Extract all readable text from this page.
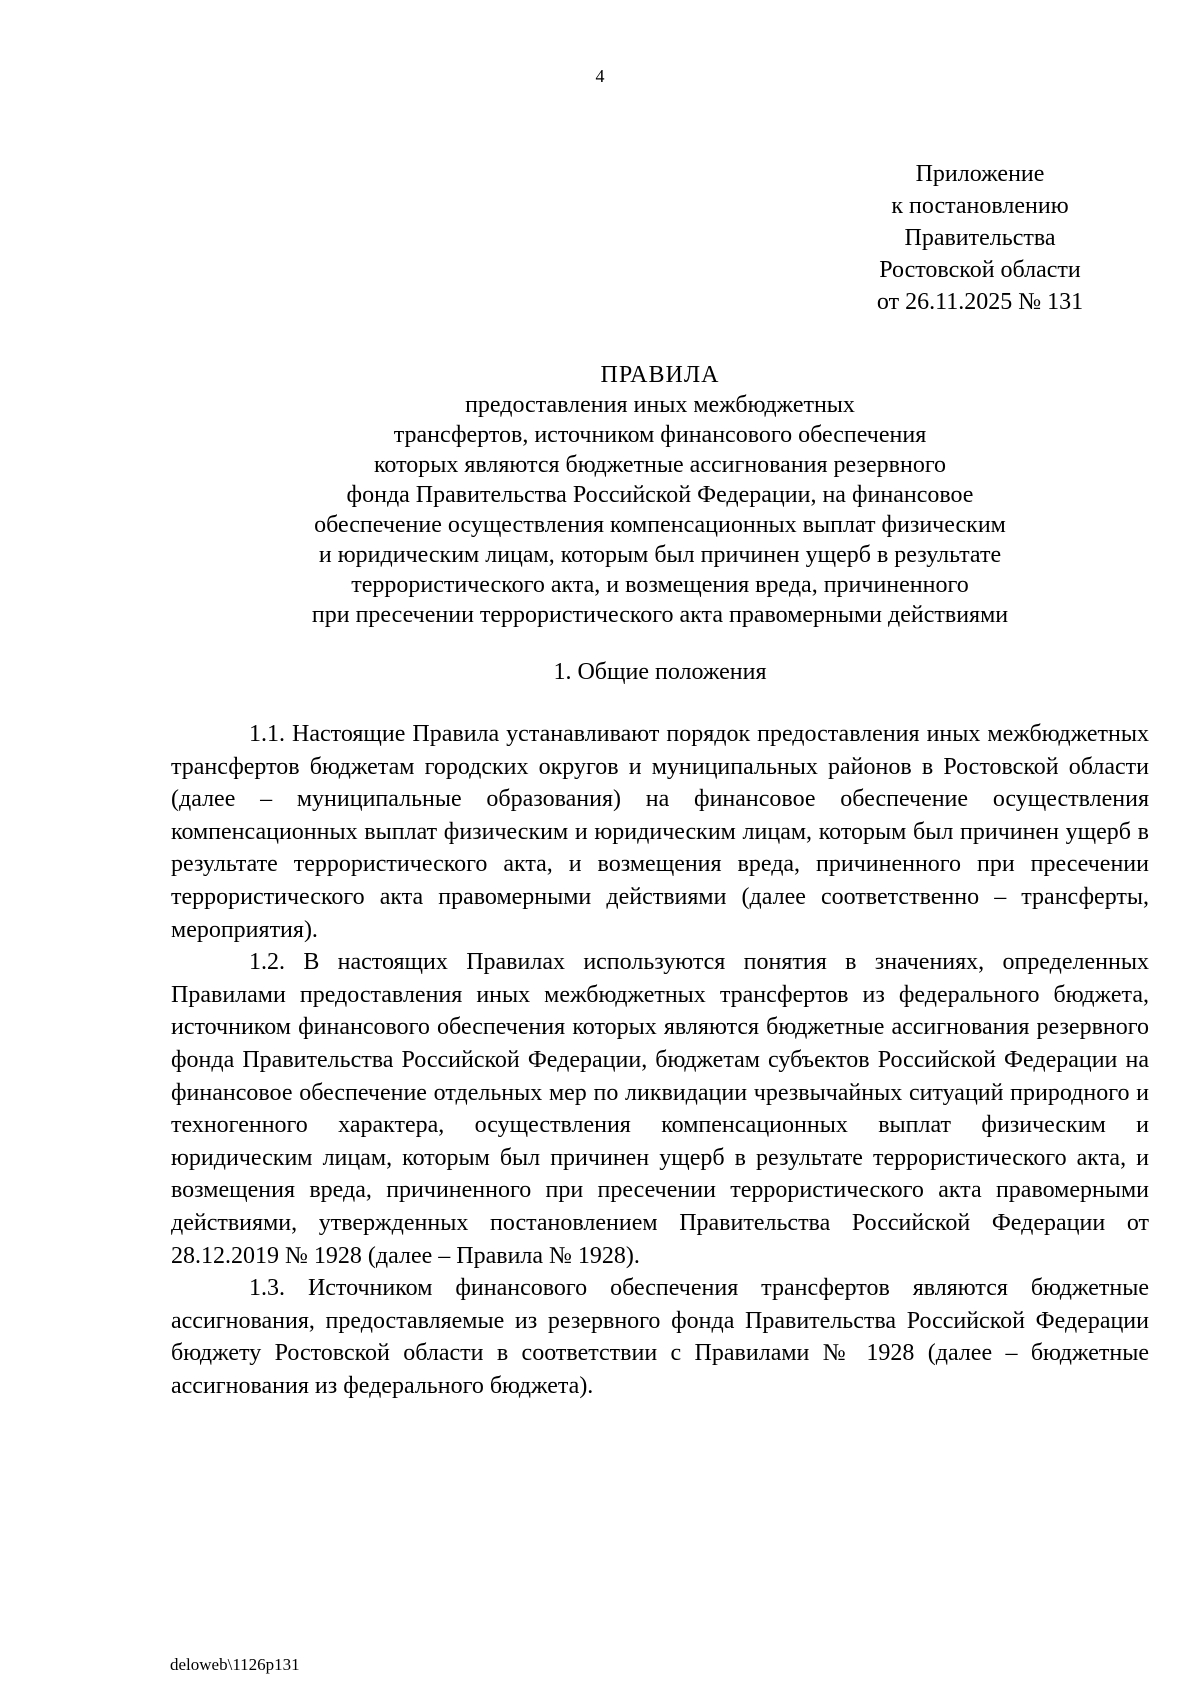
4
Приложение
к постановлению
Правительства
Ростовской области
от 26.11.2025 № 131
ПРАВИЛА
предоставления иных межбюджетных
трансфертов, источником финансового обеспечения
которых являются бюджетные ассигнования резервного
фонда Правительства Российской Федерации, на финансовое
обеспечение осуществления компенсационных выплат физическим
и юридическим лицам, которым был причинен ущерб в результате
террористического акта, и возмещения вреда, причиненного
при пресечении террористического акта правомерными действиями
1. Общие положения

1.1. Настоящие Правила устанавливают порядок предоставления иных межбюджетных трансфертов бюджетам городских округов и муниципальных районов в Ростовской области (далее – муниципальные образования) на финансовое обеспечение осуществления компенсационных выплат физическим и юридическим лицам, которым был причинен ущерб в результате террористического акта, и возмещения вреда, причиненного при пресечении террористического акта правомерными действиями (далее соответственно – трансферты, мероприятия).

1.2. В настоящих Правилах используются понятия в значениях, определенных Правилами предоставления иных межбюджетных трансфертов из федерального бюджета, источником финансового обеспечения которых являются бюджетные ассигнования резервного фонда Правительства Российской Федерации, бюджетам субъектов Российской Федерации на финансовое обеспечение отдельных мер по ликвидации чрезвычайных ситуаций природного и техногенного характера, осуществления компенсационных выплат физическим и юридическим лицам, которым был причинен ущерб в результате террористического акта, и возмещения вреда, причиненного при пресечении террористического акта правомерными действиями, утвержденных постановлением Правительства Российской Федерации от 28.12.2019 № 1928 (далее – Правила № 1928).

1.3. Источником финансового обеспечения трансфертов являются бюджетные ассигнования, предоставляемые из резервного фонда Правительства Российской Федерации бюджету Ростовской области в соответствии с Правилами № 1928 (далее – бюджетные ассигнования из федерального бюджета).

deloweb\1126p131
